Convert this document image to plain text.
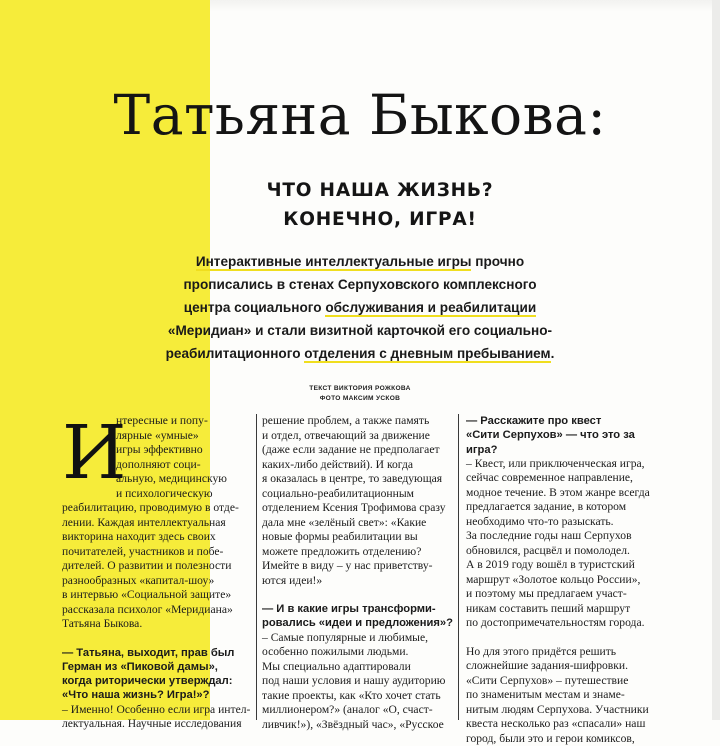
Татьяна Быкова:
ЧТО НАША ЖИЗНЬ?
КОНЕЧНО, ИГРА!

Интерактивные интеллектуальные игры прочно
прописались в стенах Серпуховского комплексного
центра социального обслуживания и реабилитации
«Меридиан» и стали визитной карточкой его социально-
реабилитационного отделения с дневным пребыванием.

ТЕКСТ ВИКТОРИЯ РОЖКОВА
ФОТО МАКСИМ УСКОВ
И

нтересные и попу-

лярные «умные»

игры эффективно

дополняют соци-

альную, медицинскую

и психологическую

реабилитацию, проводимую в отде-

лении. Каждая интеллектуальная

викторина находит здесь своих

почитателей, участников и побе-

дителей. О развитии и полезности

разнообразных «капитал-шоу»

в интервью «Социальной защите»

рассказала психолог «Меридиана»

Татьяна Быкова.

— Татьяна, выходит, прав был

Герман из «Пиковой дамы»,

когда риторически утверждал:

«Что наша жизнь? Игра!»?

– Именно! Особенно если игра интел-

лектуальная. Научные исследования

решение проблем, а также память

и отдел, отвечающий за движение

(даже если задание не предполагает

каких-либо действий). И когда

я оказалась в центре, то заведующая

социально-реабилитационным

отделением Ксения Трофимова сразу

дала мне «зелёный свет»: «Какие

новые формы реабилитации вы

можете предложить отделению?

Имейте в виду – у нас приветству-

ются идеи!»

— И в какие игры трансформи-

ровались «идеи и предложения»?

– Самые популярные и любимые,

особенно пожилыми людьми.

Мы специально адаптировали

под наши условия и нашу аудиторию

такие проекты, как «Кто хочет стать

миллионером?» (аналог «О, счаст-

ливчик!»), «Звёздный час», «Русское

— Расскажите про квест

«Сити Серпухов» — что это за игра?

– Квест, или приключенческая игра,

сейчас современное направление,

модное течение. В этом жанре всегда

предлагается задание, в котором

необходимо что-то разыскать.

За последние годы наш Серпухов

обновился, расцвёл и помолодел.

А в 2019 году вошёл в туристский

маршрут «Золотое кольцо России»,

и поэтому мы предлагаем участ-

никам составить пеший маршрут

по достопримечательностям города.

Но для этого придётся решить

сложнейшие задания-шифровки.

«Сити Серпухов» – путешествие

по знаменитым местам и знаме-

нитым людям Серпухова. Участники

квеста несколько раз «спасали» наш

город, были это и герои комиксов,
